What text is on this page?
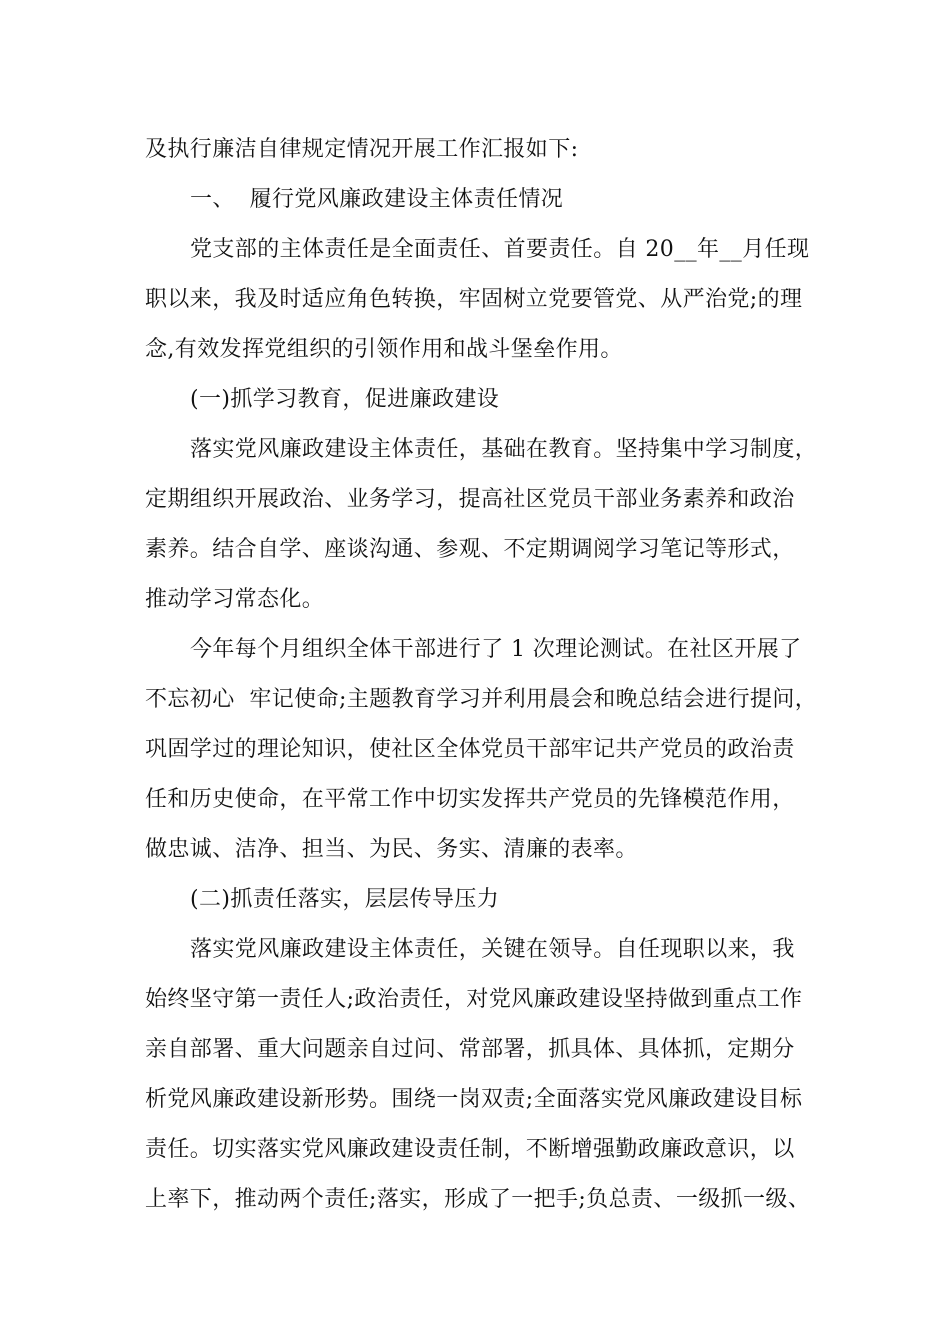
及执行廉洁自律规定情况开展工作汇报如下:
一、  履行党风廉政建设主体责任情况
党支部的主体责任是全面责任、首要责任。自 20__年__月任现
职以来，我及时适应角色转换，牢固树立党要管党、从严治党;的理
念,有效发挥党组织的引领作用和战斗堡垒作用。
(一)抓学习教育，促进廉政建设
落实党风廉政建设主体责任，基础在教育。坚持集中学习制度，
定期组织开展政治、业务学习，提高社区党员干部业务素养和政治
素养。结合自学、座谈沟通、参观、不定期调阅学习笔记等形式，
推动学习常态化。
今年每个月组织全体干部进行了 1 次理论测试。在社区开展了
不忘初心  牢记使命;主题教育学习并利用晨会和晚总结会进行提问，
巩固学过的理论知识，使社区全体党员干部牢记共产党员的政治责
任和历史使命，在平常工作中切实发挥共产党员的先锋模范作用，
做忠诚、洁净、担当、为民、务实、清廉的表率。
(二)抓责任落实，层层传导压力
落实党风廉政建设主体责任，关键在领导。自任现职以来，我
始终坚守第一责任人;政治责任，对党风廉政建设坚持做到重点工作
亲自部署、重大问题亲自过问、常部署，抓具体、具体抓，定期分
析党风廉政建设新形势。围绕一岗双责;全面落实党风廉政建设目标
责任。切实落实党风廉政建设责任制，不断增强勤政廉政意识，以
上率下，推动两个责任;落实，形成了一把手;负总责、一级抓一级、
